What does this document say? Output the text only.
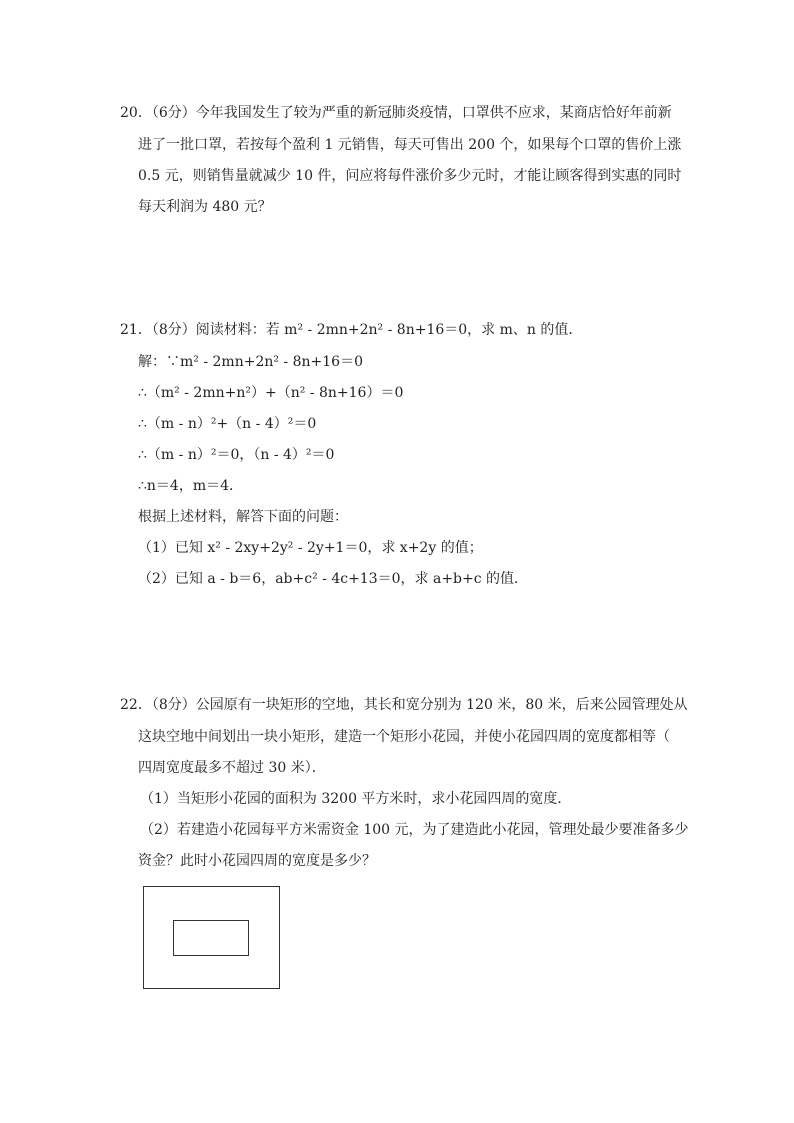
20．（6分）今年我国发生了较为严重的新冠肺炎疫情，口罩供不应求，某商店恰好年前新
进了一批口罩，若按每个盈利 1 元销售，每天可售出 200 个，如果每个口罩的售价上涨
0.5 元，则销售量就减少 10 件，问应将每件涨价多少元时，才能让顾客得到实惠的同时
每天利润为 480 元？
21．（8分）阅读材料：若 m² - 2mn+2n² - 8n+16＝0，求 m、n 的值．
解：∵m² - 2mn+2n² - 8n+16＝0
∴（m² - 2mn+n²）+（n² - 8n+16）＝0
∴（m - n）²+（n - 4）²＝0
∴（m - n）²＝0，（n - 4）²＝0
∴n＝4，m＝4．
根据上述材料，解答下面的问题：
（1）已知 x² - 2xy+2y² - 2y+1＝0，求 x+2y 的值；
（2）已知 a - b＝6，ab+c² - 4c+13＝0，求 a+b+c 的值．
22．（8分）公园原有一块矩形的空地，其长和宽分别为 120 米，80 米，后来公园管理处从
这块空地中间划出一块小矩形，建造一个矩形小花园，并使小花园四周的宽度都相等（
四周宽度最多不超过 30 米）．
（1）当矩形小花园的面积为 3200 平方米时，求小花园四周的宽度．
（2）若建造小花园每平方米需资金 100 元，为了建造此小花园，管理处最少要准备多少
资金？此时小花园四周的宽度是多少？
